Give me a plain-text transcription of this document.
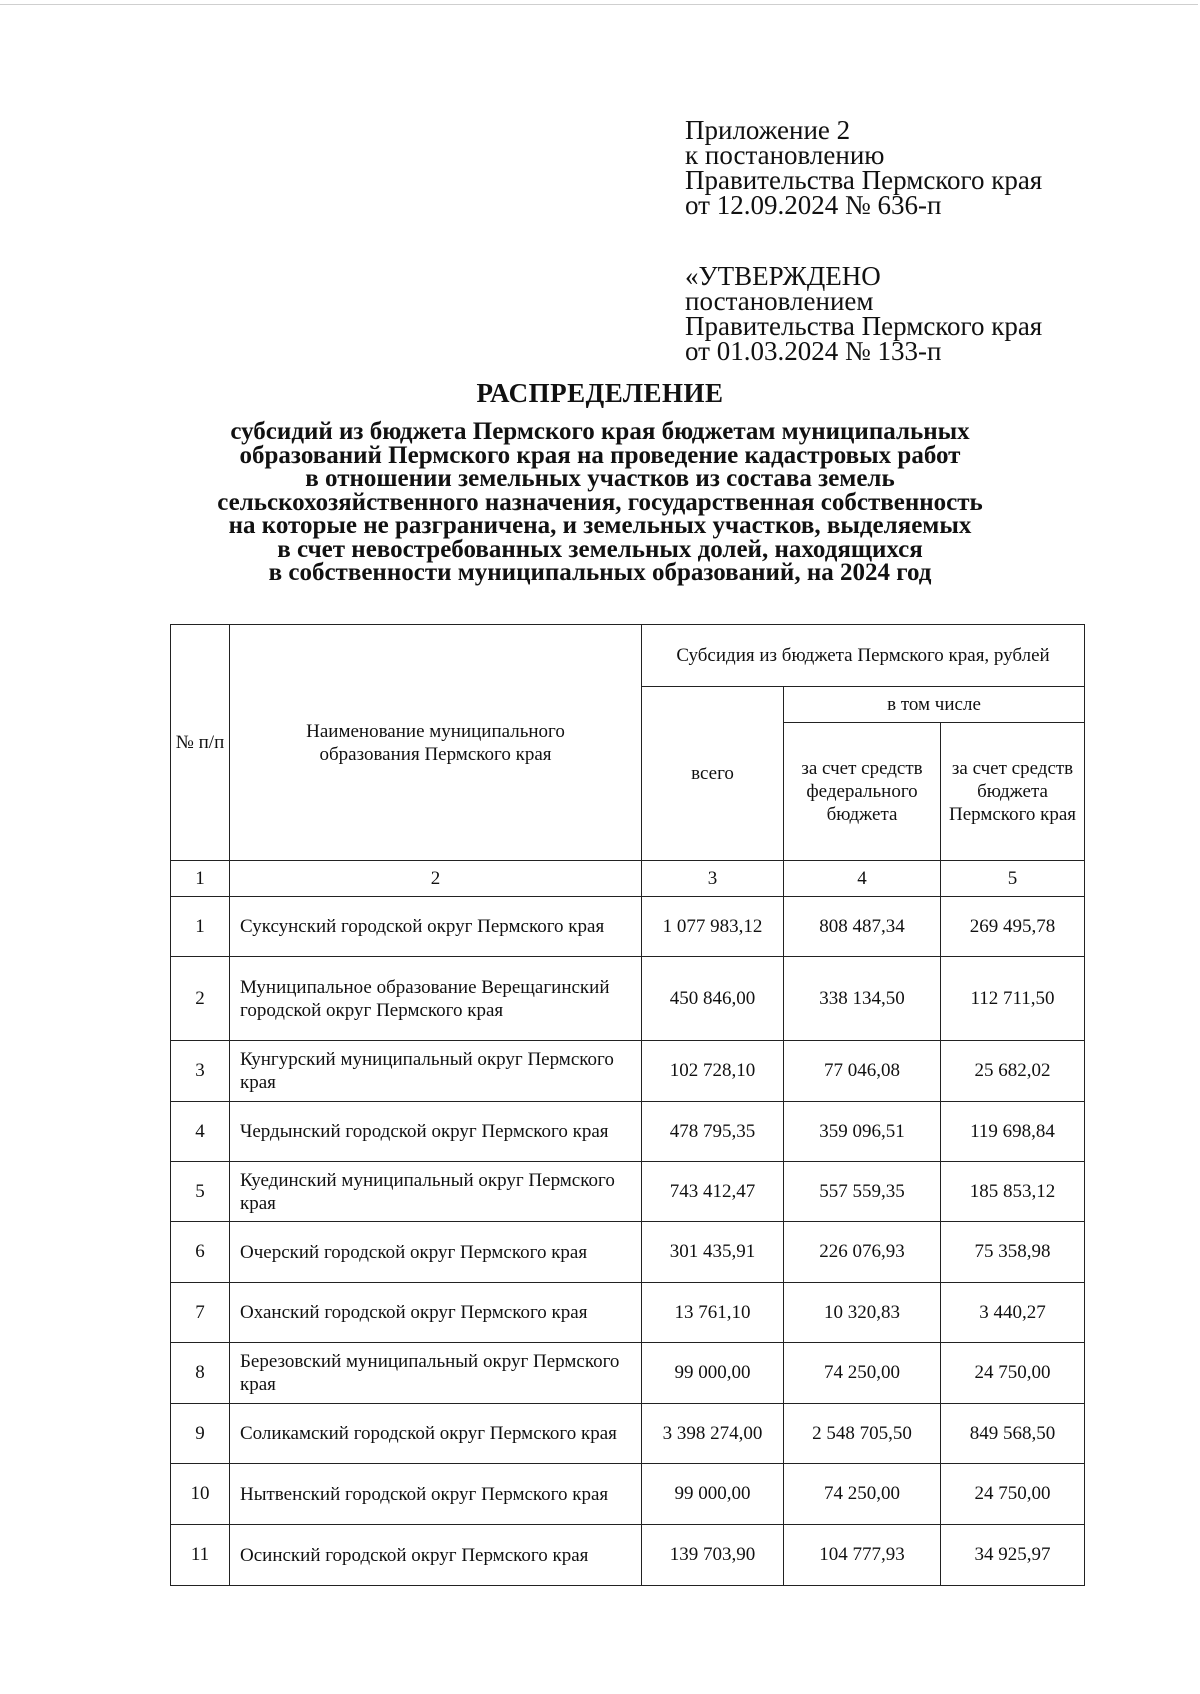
Приложение 2
к постановлению
Правительства Пермского края
от 12.09.2024 № 636-п
«УТВЕРЖДЕНО
постановлением
Правительства Пермского края
от 01.03.2024 № 133-п
РАСПРЕДЕЛЕНИЕ
субсидий из бюджета Пермского края бюджетам муниципальных
образований Пермского края на проведение кадастровых работ
в отношении земельных участков из состава земель
сельскохозяйственного назначения, государственная собственность
на которые не разграничена, и земельных участков, выделяемых
в счет невостребованных земельных долей, находящихся
в собственности муниципальных образований, на 2024 год
№ п/п	Наименование муниципального образования Пермского края	Субсидия из бюджета Пермского края, рублей		
		всего	в том числе	
			за счет средств федерального бюджета	за счет средств бюджета Пермского края
1	2	3	4	5
1	Суксунский городской округ Пермского края	1 077 983,12	808 487,34	269 495,78
2	Муниципальное образование Верещагинский городской округ Пермского края	450 846,00	338 134,50	112 711,50
3	Кунгурский муниципальный округ Пермского края	102 728,10	77 046,08	25 682,02
4	Чердынский городской округ Пермского края	478 795,35	359 096,51	119 698,84
5	Куединский муниципальный округ Пермского края	743 412,47	557 559,35	185 853,12
6	Очерский городской округ Пермского края	301 435,91	226 076,93	75 358,98
7	Оханский городской округ Пермского края	13 761,10	10 320,83	3 440,27
8	Березовский муниципальный округ Пермского края	99 000,00	74 250,00	24 750,00
9	Соликамский городской округ Пермского края	3 398 274,00	2 548 705,50	849 568,50
10	Нытвенский городской округ Пермского края	99 000,00	74 250,00	24 750,00
11	Осинский городской округ Пермского края	139 703,90	104 777,93	34 925,97
